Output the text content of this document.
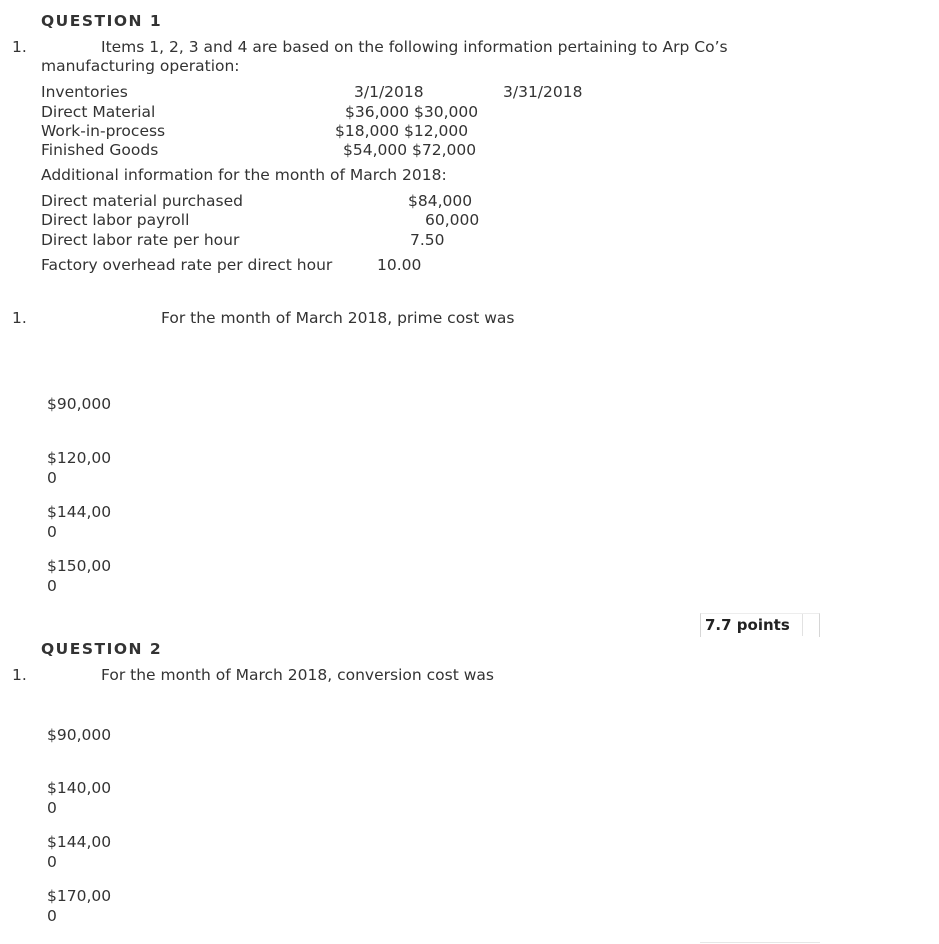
QUESTION 1
1.	Items 1, 2, 3 and 4 are based on the following information pertaining to Arp Co’s
manufacturing operation:
Inventories	3/1/2018	3/31/2018
Direct Material	$36,000 $30,000
Work-in-process	$18,000 $12,000
Finished Goods	$54,000 $72,000
Additional information for the month of March 2018:
Direct material purchased	$84,000
Direct labor payroll	60,000
Direct labor rate per hour	7.50
Factory overhead rate per direct hour	10.00
1.	For the month of March 2018, prime cost was
$90,000
$120,000
$144,000
$150,000
7.7 points
QUESTION 2
1.	For the month of March 2018, conversion cost was
$90,000
$140,000
$144,000
$170,000
